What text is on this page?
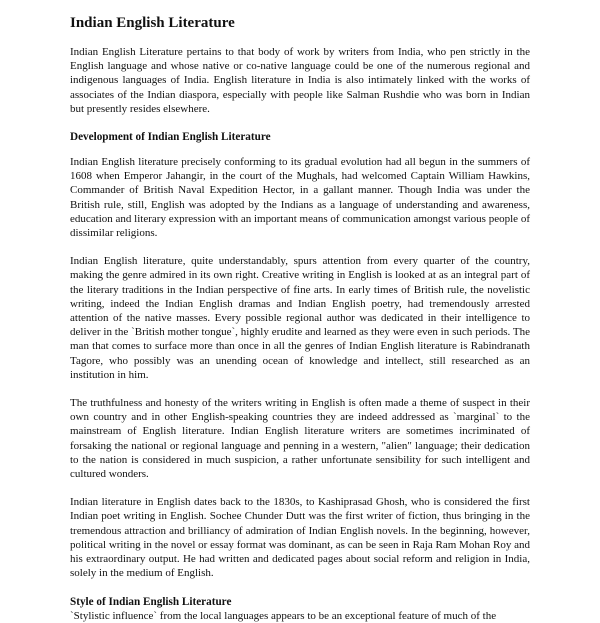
Indian English Literature

Indian English Literature pertains to that body of work by writers from India, who pen strictly in the English language and whose native or co-native language could be one of the numerous regional and indigenous languages of India. English literature in India is also intimately linked with the works of associates of the Indian diaspora, especially with people like Salman Rushdie who was born in Indian but presently resides elsewhere.

Development of Indian English Literature

Indian English literature precisely conforming to its gradual evolution had all begun in the summers of 1608 when Emperor Jahangir, in the court of the Mughals, had welcomed Captain William Hawkins, Commander of British Naval Expedition Hector, in a gallant manner. Though India was under the British rule, still, English was adopted by the Indians as a language of understanding and awareness, education and literary expression with an important means of communication amongst various people of dissimilar religions.

Indian English literature, quite understandably, spurs attention from every quarter of the country, making the genre admired in its own right. Creative writing in English is looked at as an integral part of the literary traditions in the Indian perspective of fine arts. In early times of British rule, the novelistic writing, indeed the Indian English dramas and Indian English poetry, had tremendously arrested attention of the native masses. Every possible regional author was dedicated in their intelligence to deliver in the `British mother tongue`, highly erudite and learned as they were even in such periods. The man that comes to surface more than once in all the genres of Indian English literature is Rabindranath Tagore, who possibly was an unending ocean of knowledge and intellect, still researched as an institution in him.

The truthfulness and honesty of the writers writing in English is often made a theme of suspect in their own country and in other English-speaking countries they are indeed addressed as `marginal` to the mainstream of English literature. Indian English literature writers are sometimes incriminated of forsaking the national or regional language and penning in a western, "alien" language; their dedication to the nation is considered in much suspicion, a rather unfortunate sensibility for such intelligent and cultured wonders.

Indian literature in English dates back to the 1830s, to Kashiprasad Ghosh, who is considered the first Indian poet writing in English. Sochee Chunder Dutt was the first writer of fiction, thus bringing in the tremendous attraction and brilliancy of admiration of Indian English novels. In the beginning, however, political writing in the novel or essay format was dominant, as can be seen in Raja Ram Mohan Roy and his extraordinary output. He had written and dedicated pages about social reform and religion in India, solely in the medium of English.

Style of Indian English Literature

`Stylistic influence` from the local languages appears to be an exceptional feature of much of the
